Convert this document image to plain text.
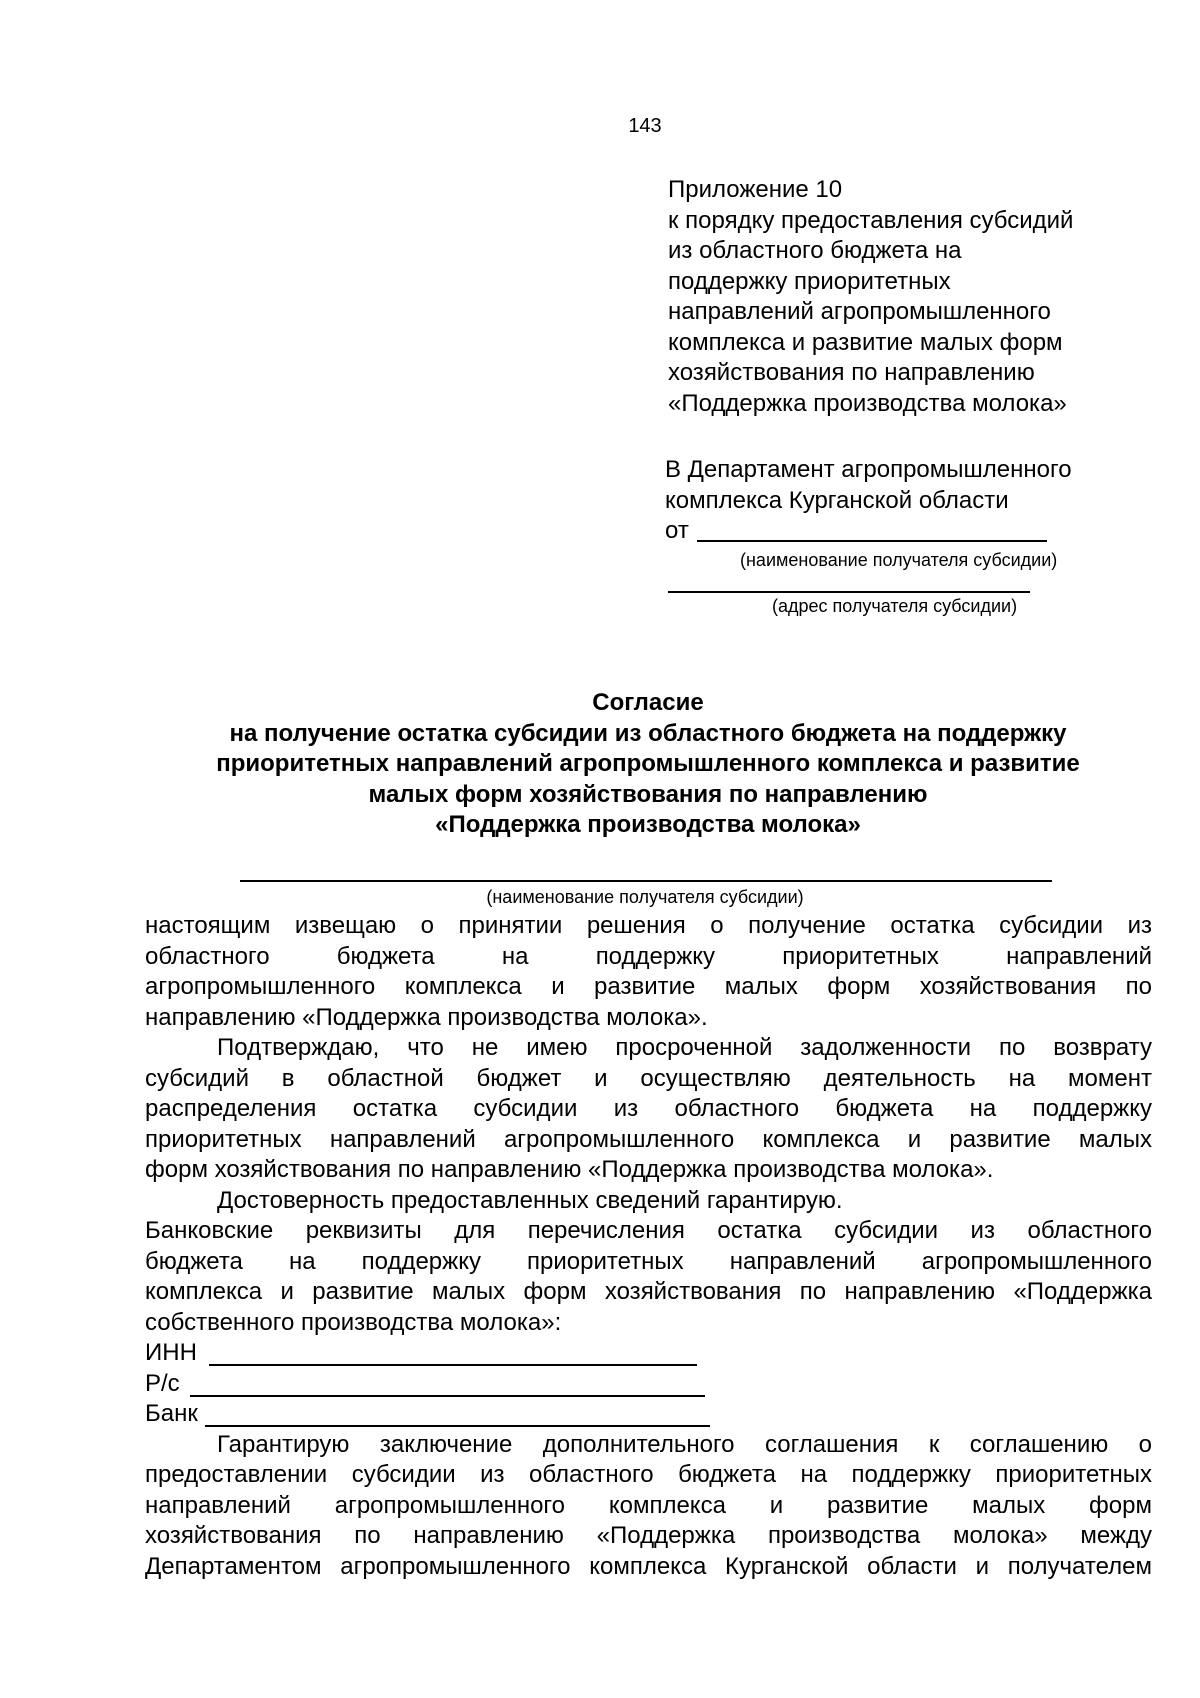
143
Приложение 10
к порядку предоставления субсидий
из областного бюджета на
поддержку приоритетных
направлений агропромышленного
комплекса и развитие малых форм
хозяйствования по направлению
«Поддержка производства молока»
В Департамент агропромышленного
комплекса Курганской области
от
(наименование получателя субсидии)
(адрес получателя субсидии)
Согласие
на получение остатка субсидии из областного бюджета на поддержку
приоритетных направлений агропромышленного комплекса и развитие
малых форм хозяйствования по направлению
«Поддержка производства молока»
(наименование получателя субсидии)
настоящим извещаю о принятии решения о получение остатка субсидии из
областного бюджета на поддержку приоритетных направлений
агропромышленного комплекса и развитие малых форм хозяйствования по
направлению «Поддержка производства молока».
Подтверждаю, что не имею просроченной задолженности по возврату
субсидий в областной бюджет и осуществляю деятельность на момент
распределения остатка субсидии из областного бюджета на поддержку
приоритетных направлений агропромышленного комплекса и развитие малых
форм хозяйствования по направлению «Поддержка производства молока».
Достоверность предоставленных сведений гарантирую.
Банковские реквизиты для перечисления остатка субсидии из областного
бюджета на поддержку приоритетных направлений агропромышленного
комплекса и развитие малых форм хозяйствования по направлению «Поддержка
собственного производства молока»:
ИНН
Р/с
Банк
Гарантирую заключение дополнительного соглашения к соглашению о
предоставлении субсидии из областного бюджета на поддержку приоритетных
направлений агропромышленного комплекса и развитие малых форм
хозяйствования по направлению «Поддержка производства молока» между
Департаментом агропромышленного комплекса Курганской области и получателем
